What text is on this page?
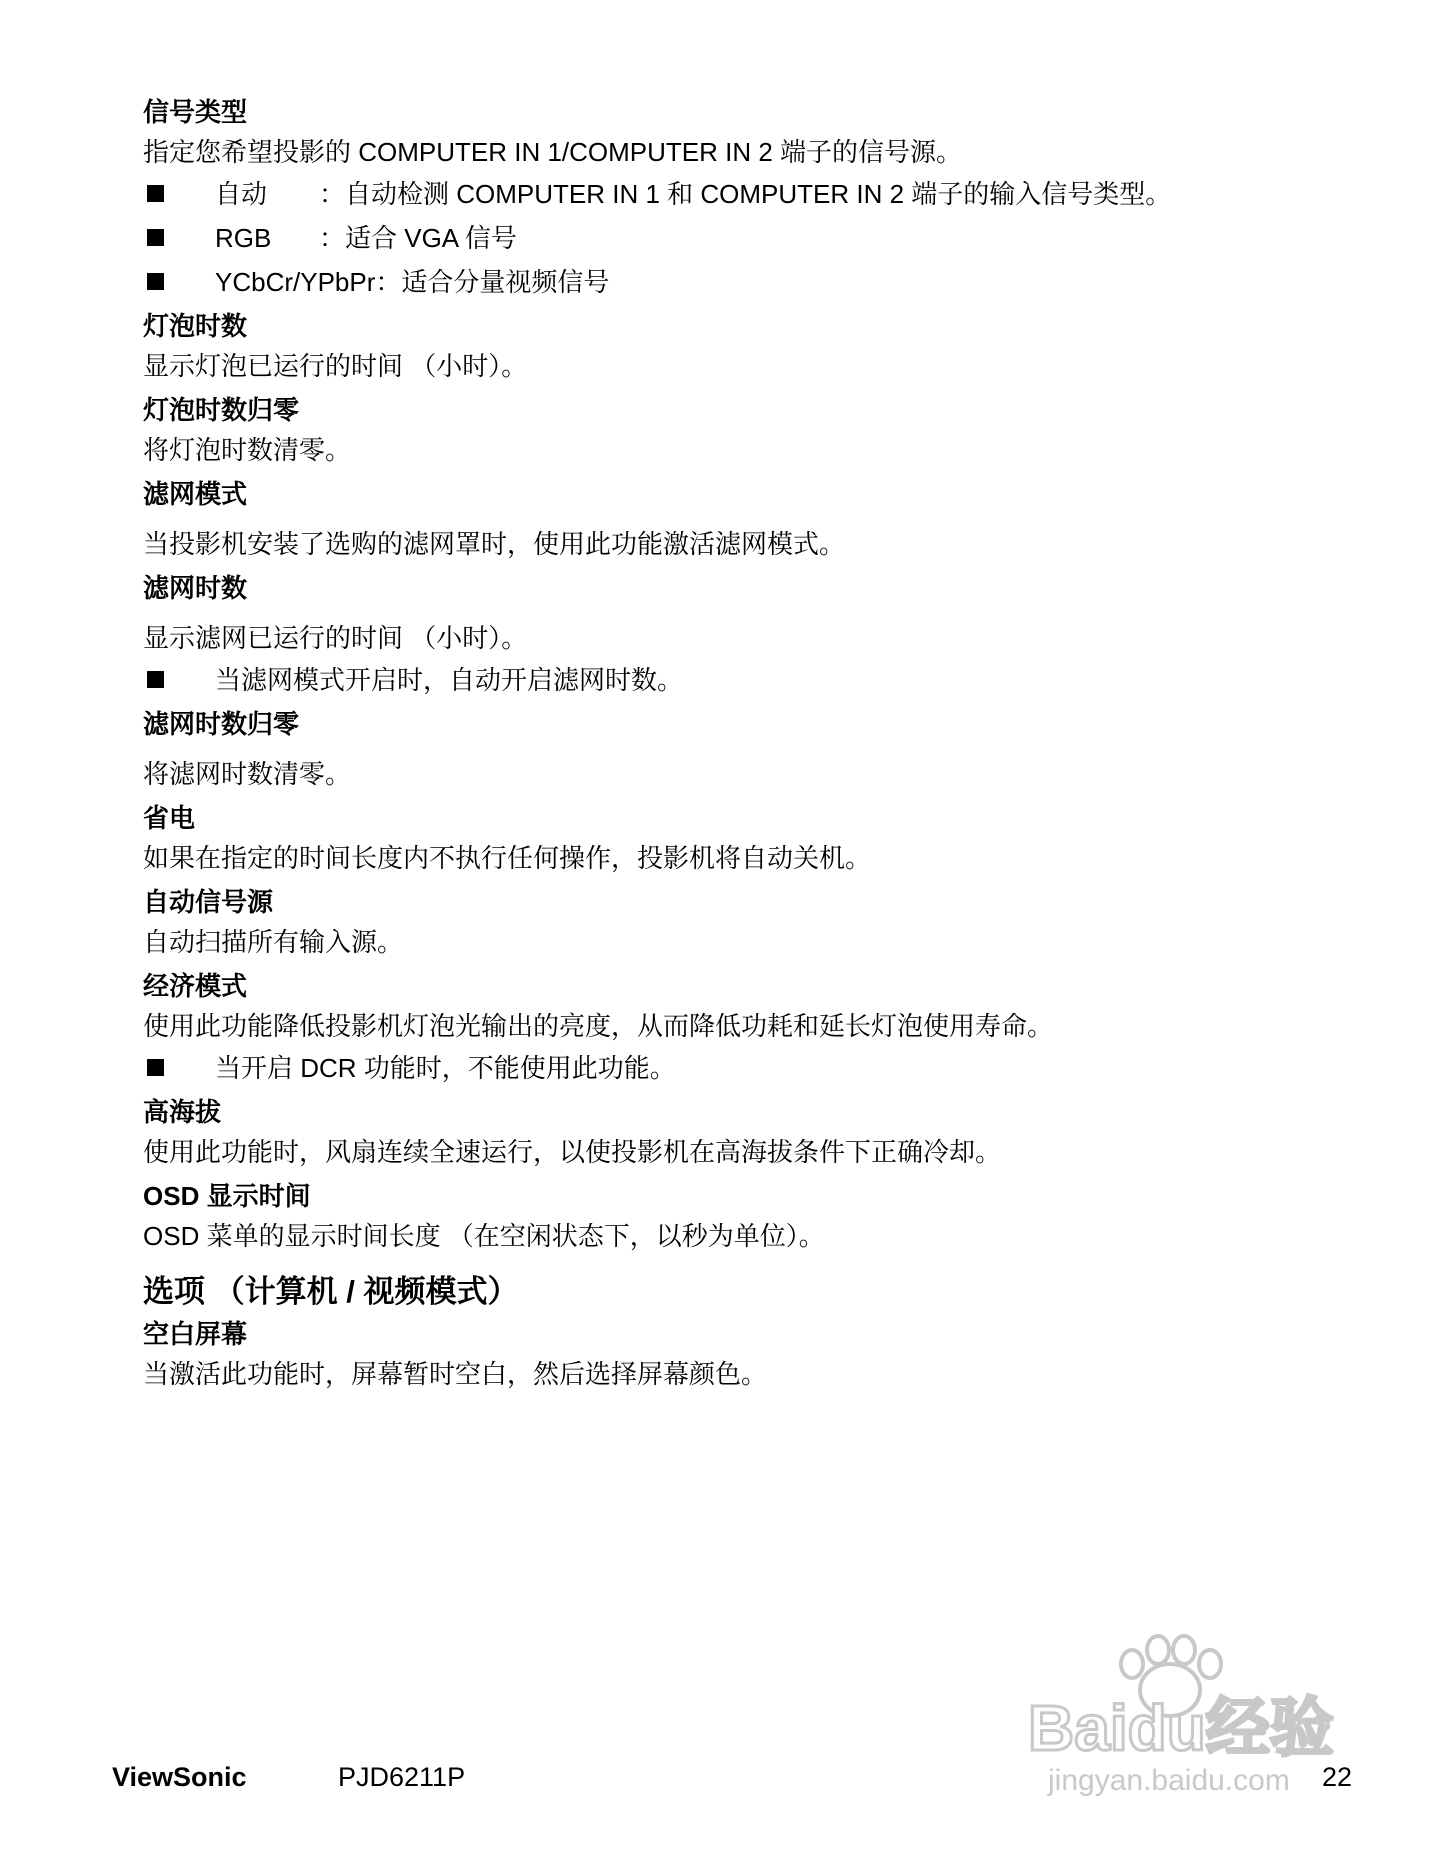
信号类型

指定您希望投影的 COMPUTER IN 1/COMPUTER IN 2 端子的信号源。

自动 ：自动检测 COMPUTER IN 1 和 COMPUTER IN 2 端子的输入信号类型。
RGB ：适合 VGA 信号
YCbCr/YPbPr：适合分量视频信号
灯泡时数

显示灯泡已运行的时间 （小时）。

灯泡时数归零

将灯泡时数清零。

滤网模式

当投影机安装了选购的滤网罩时，使用此功能激活滤网模式。

滤网时数

显示滤网已运行的时间 （小时）。

当滤网模式开启时，自动开启滤网时数。
滤网时数归零

将滤网时数清零。

省电

如果在指定的时间长度内不执行任何操作，投影机将自动关机。

自动信号源

自动扫描所有输入源。

经济模式

使用此功能降低投影机灯泡光输出的亮度，从而降低功耗和延长灯泡使用寿命。

当开启 DCR 功能时，不能使用此功能。
高海拔

使用此功能时，风扇连续全速运行，以使投影机在高海拔条件下正确冷却。

OSD 显示时间

OSD 菜单的显示时间长度 （在空闲状态下，以秒为单位）。

选项 （计算机 / 视频模式）
空白屏幕

当激活此功能时，屏幕暂时空白，然后选择屏幕颜色。

ViewSonic	PJD6211P	22
Baidu经验
jingyan.baidu.com
